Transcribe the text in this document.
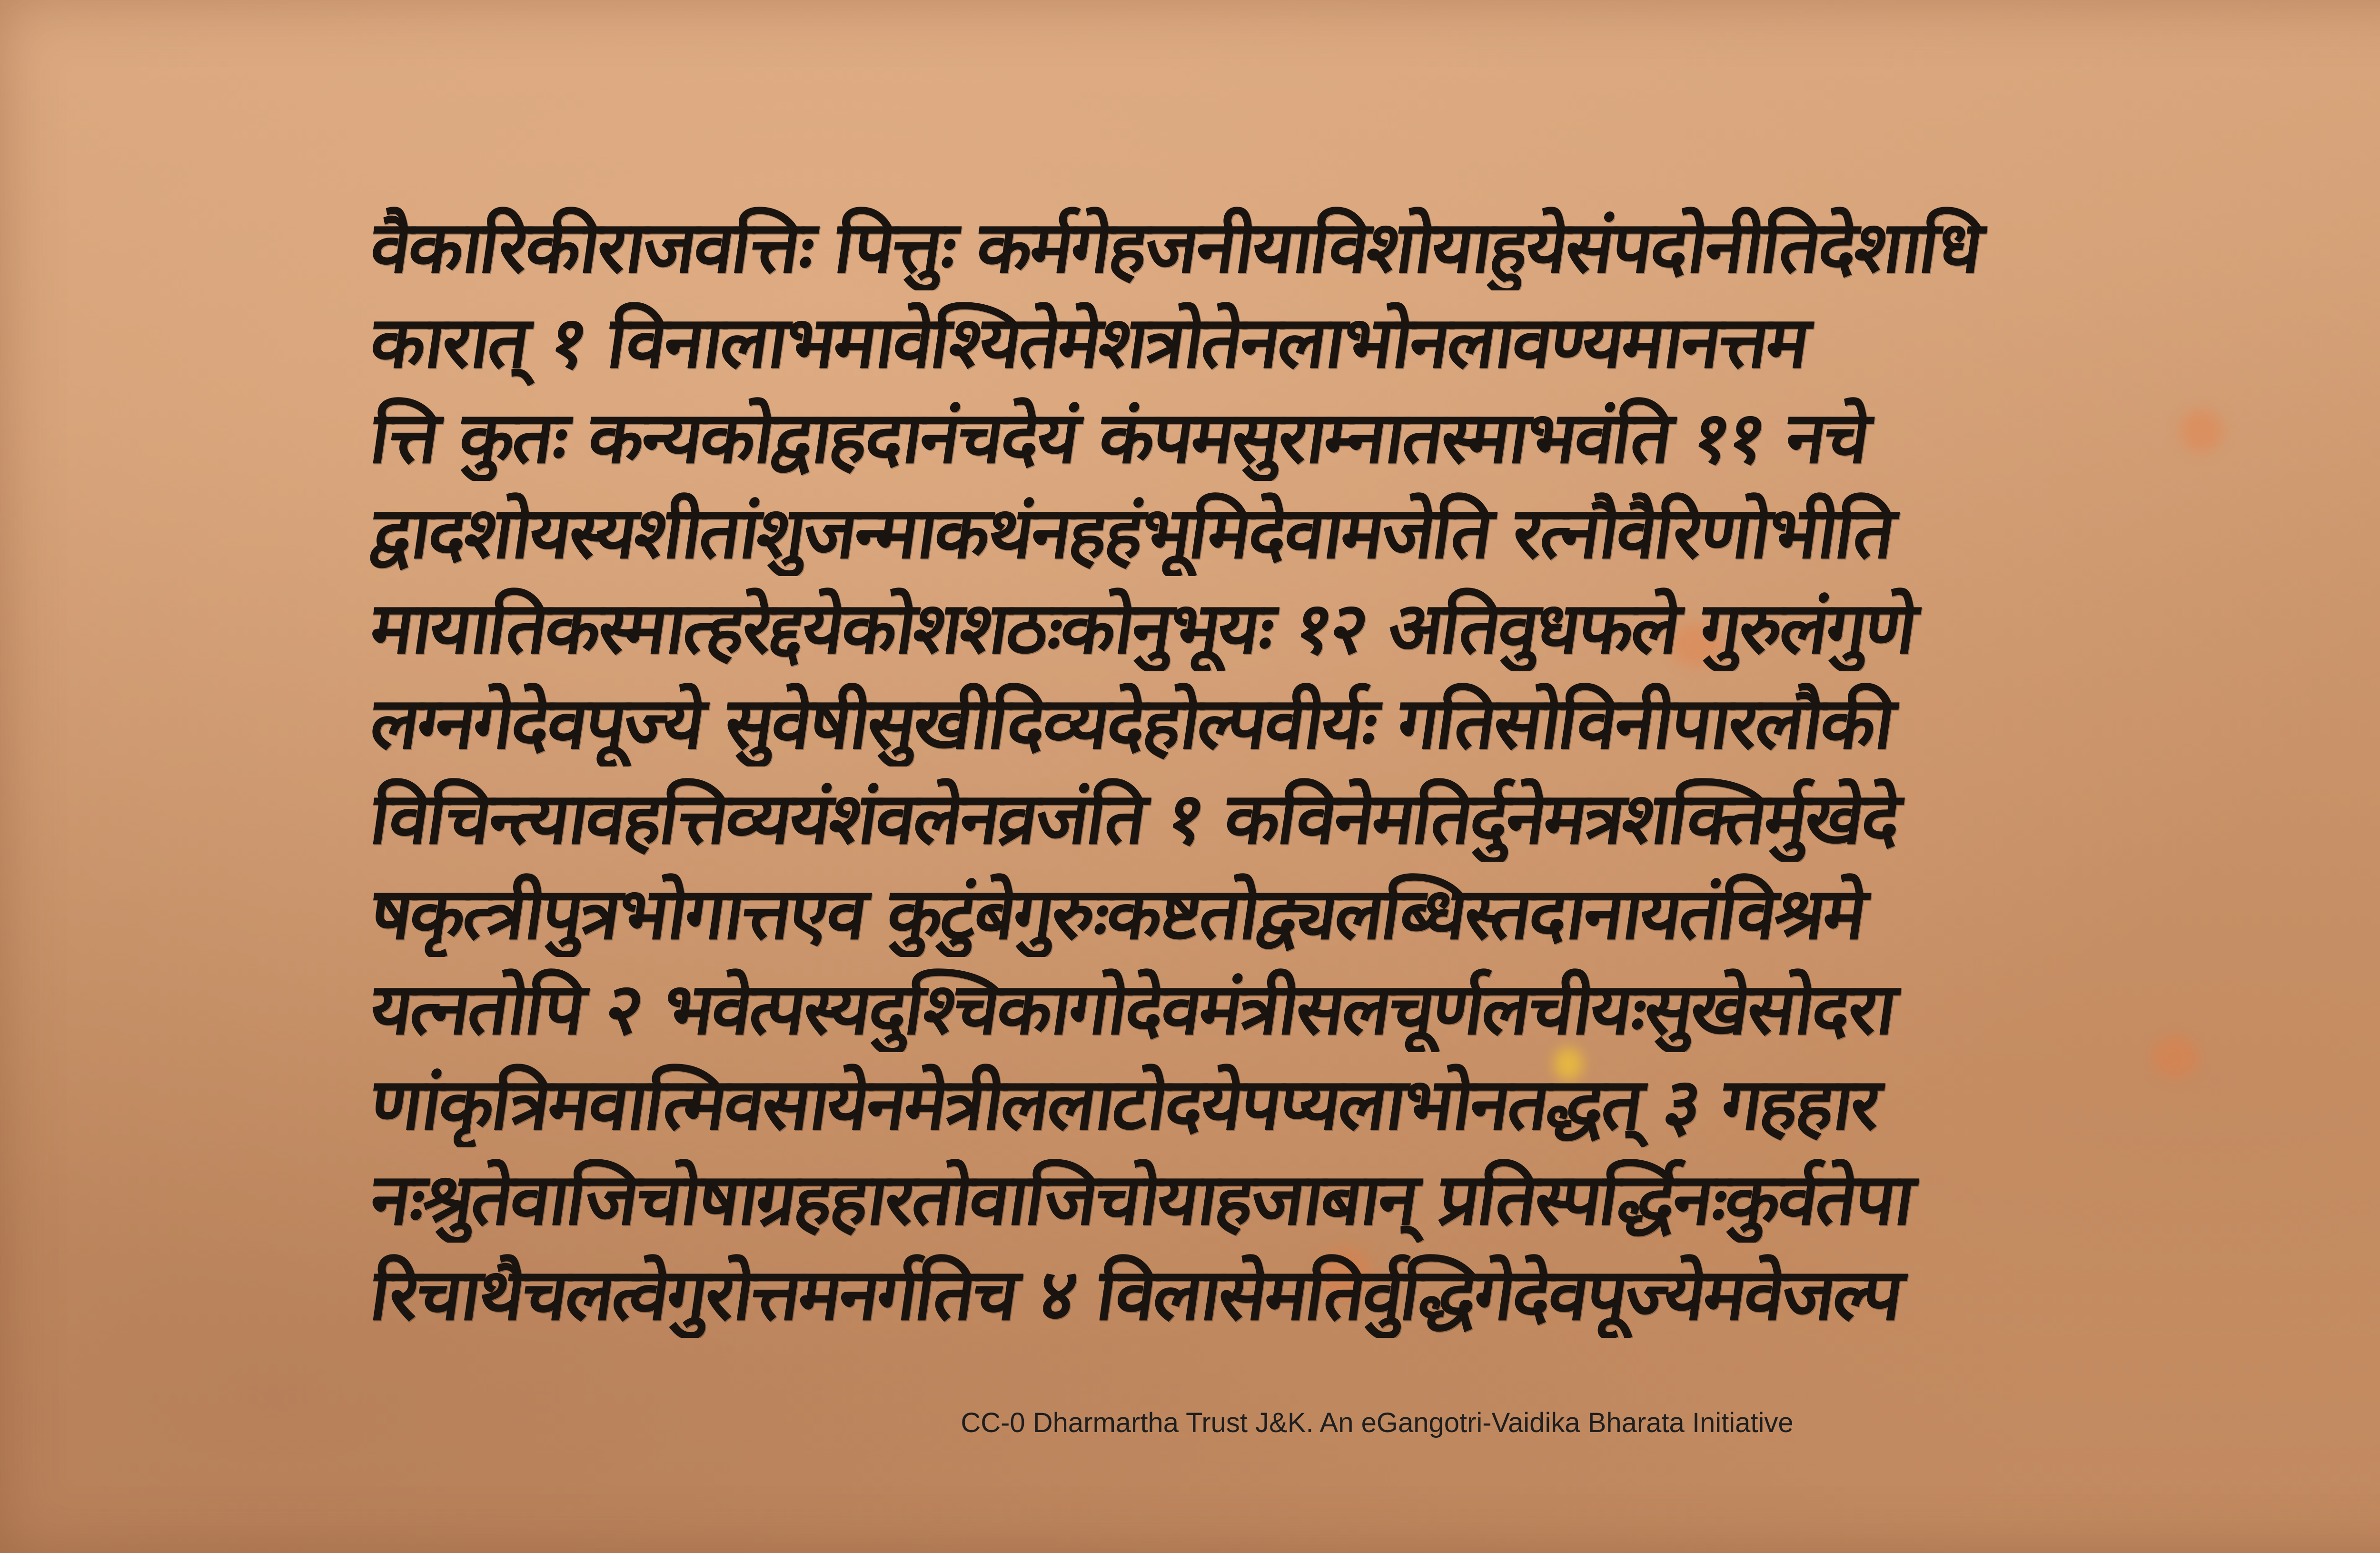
वैकारिकीराजवत्तिः पित्तुः कर्मगेहजनीयाविशोयाहुयेसंपदोनीतिदेशाधि
कारात् १ विनालाभमावेश्यितेमेशत्रोतेनलाभोनलावण्यमानत्तम
त्ति कुतः कन्यकोद्वाहदानंचदेयं कंपमसुराम्नातस्माभवंति ११ नचे
द्वादशोयस्यशीतांशुजन्माकथंनहहंभूमिदेवामजेति रत्नौवैरिणोभीति
मायातिकस्मात्हरेद्दयेकोशशठःकोनुभूयः १२ अतिवुधफले गुरुलंगुणे
लग्नगेदेवपूज्ये सुवेषीसुखीदिव्यदेहोल्पवीर्यः गतिसोविनीपारलौकी
विचिन्त्यावहत्तिव्ययंशंवलेनव्रजंति १ कविनेमतिर्दुनेमत्रशक्तिर्मुखेदे
षकृत्त्रीपुत्रभोगात्तएव कुटुंबेगुरुःकष्टतोद्व्यलब्धिस्तदानायतंविश्रमे
यत्नतोपि २ भवेत्पस्यदुश्चिकागोदेवमंत्रीसलचूर्णलचीयःसुखेसोदरा
णांकृत्रिमवात्मिवसायेनमेत्रीललाटोदयेपप्यलाभोनतद्धत् ३ गहहार
नःश्रुतेवाजिचोषाग्रहहारतोवाजिचोयाहजाबान् प्रतिस्पर्द्धिनःकुर्वतेपा
रिचाथैचलत्वेगुरोत्तमनर्गतिच ४ विलासेमतिर्वुद्धिगेदेवपूज्येमवेजल्प
CC-0 Dharmartha Trust J&K. An eGangotri-Vaidika Bharata Initiative
